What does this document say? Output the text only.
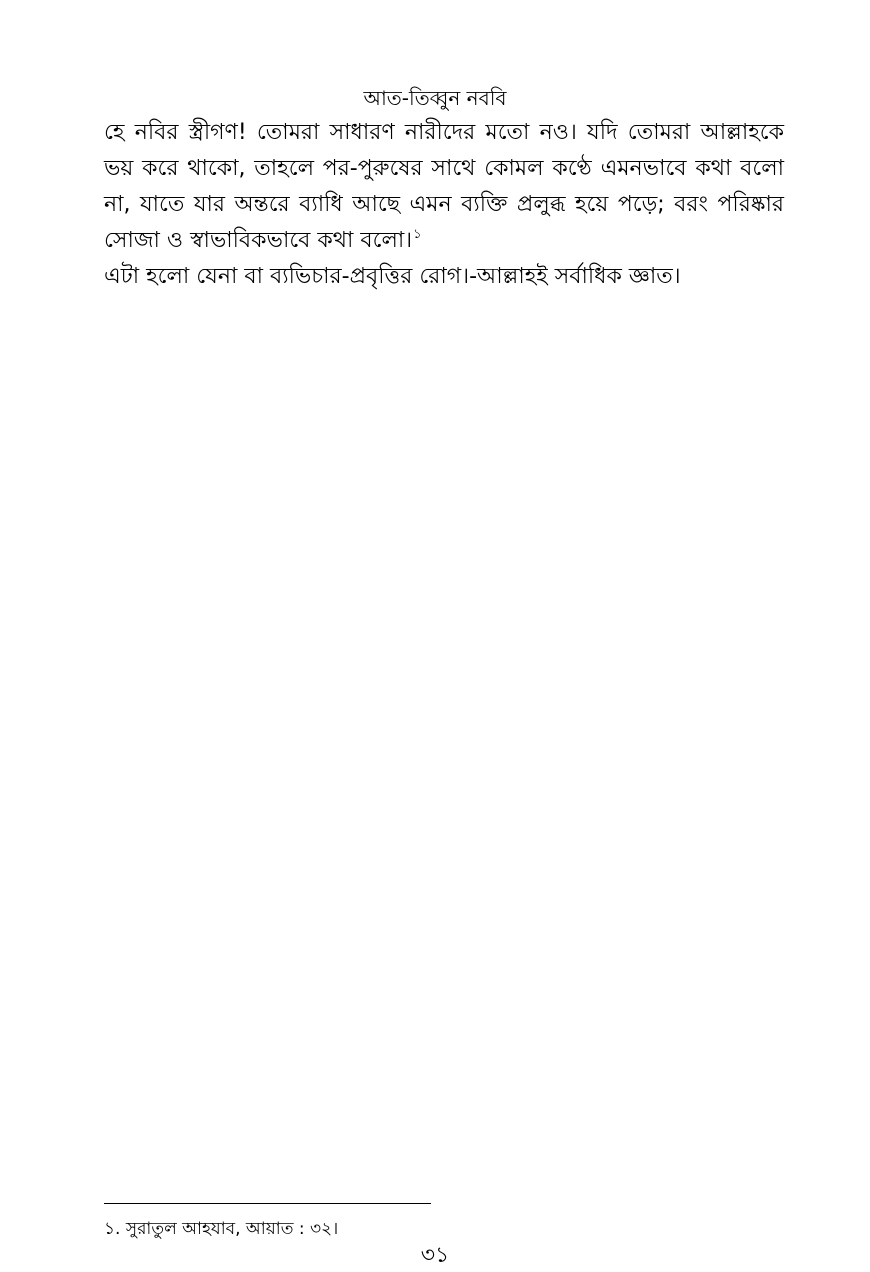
আত-তিব্বুন নববি

হে নবির স্ত্রীগণ! তোমরা সাধারণ নারীদের মতো নও। যদি তোমরা আল্লাহকে ভয় করে থাকো, তাহলে পর-পুরুষের সাথে কোমল কণ্ঠে এমনভাবে কথা বলো না, যাতে যার অন্তরে ব্যাধি আছে এমন ব্যক্তি প্রলুব্ধ হয়ে পড়ে; বরং পরিষ্কার সোজা ও স্বাভাবিকভাবে কথা বলো।$^১$

এটা হলো যেনা বা ব্যভিচার-প্রবৃত্তির রোগ।-আল্লাহই সর্বাধিক জ্ঞাত।

১. সুরাতুল আহযাব, আয়াত : ৩২।
৩১
